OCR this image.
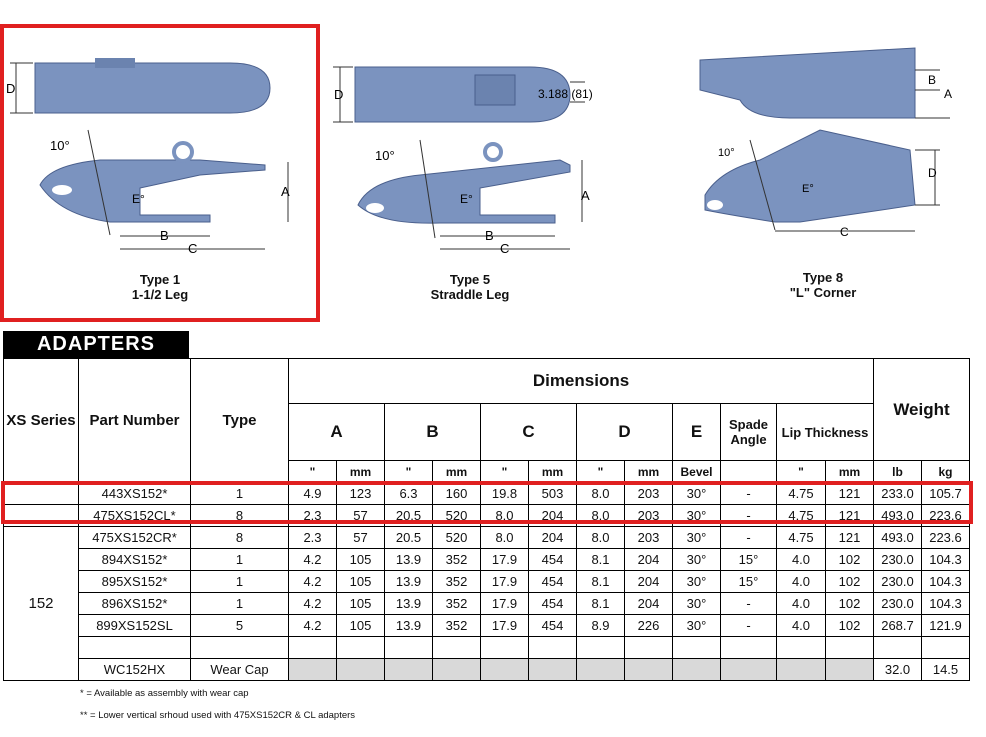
D
10°
E°	A
B
C
Type 1
1-1/2 Leg
D	3.188 (81)
10°
E°	A
B
C
Type 5
Straddle Leg
B
A
D
10°
E°
C
Type 8
"L" Corner
ADAPTERS
XS Series	Part Number	Type	Dimensions												Weight	
			A		B		C		D		E	Spade Angle	Lip Thickness			
			"	mm	"	mm	"	mm	"	mm	Bevel		"	mm	lb	kg
	443XS152*	1	4.9	123	6.3	160	19.8	503	8.0	203	30°	-	4.75	121	233.0	105.7
	475XS152CL*	8	2.3	57	20.5	520	8.0	204	8.0	203	30°	-	4.75	121	493.0	223.6
152	475XS152CR*	8	2.3	57	20.5	520	8.0	204	8.0	203	30°	-	4.75	121	493.0	223.6
	894XS152*	1	4.2	105	13.9	352	17.9	454	8.1	204	30°	15°	4.0	102	230.0	104.3
	895XS152*	1	4.2	105	13.9	352	17.9	454	8.1	204	30°	15°	4.0	102	230.0	104.3
	896XS152*	1	4.2	105	13.9	352	17.9	454	8.1	204	30°	-	4.0	102	230.0	104.3
	899XS152SL	5	4.2	105	13.9	352	17.9	454	8.9	226	30°	-	4.0	102	268.7	121.9

	WC152HX	Wear Cap													32.0	14.5
* = Available as assembly with wear cap
** = Lower vertical srhoud used with 475XS152CR & CL adapters
